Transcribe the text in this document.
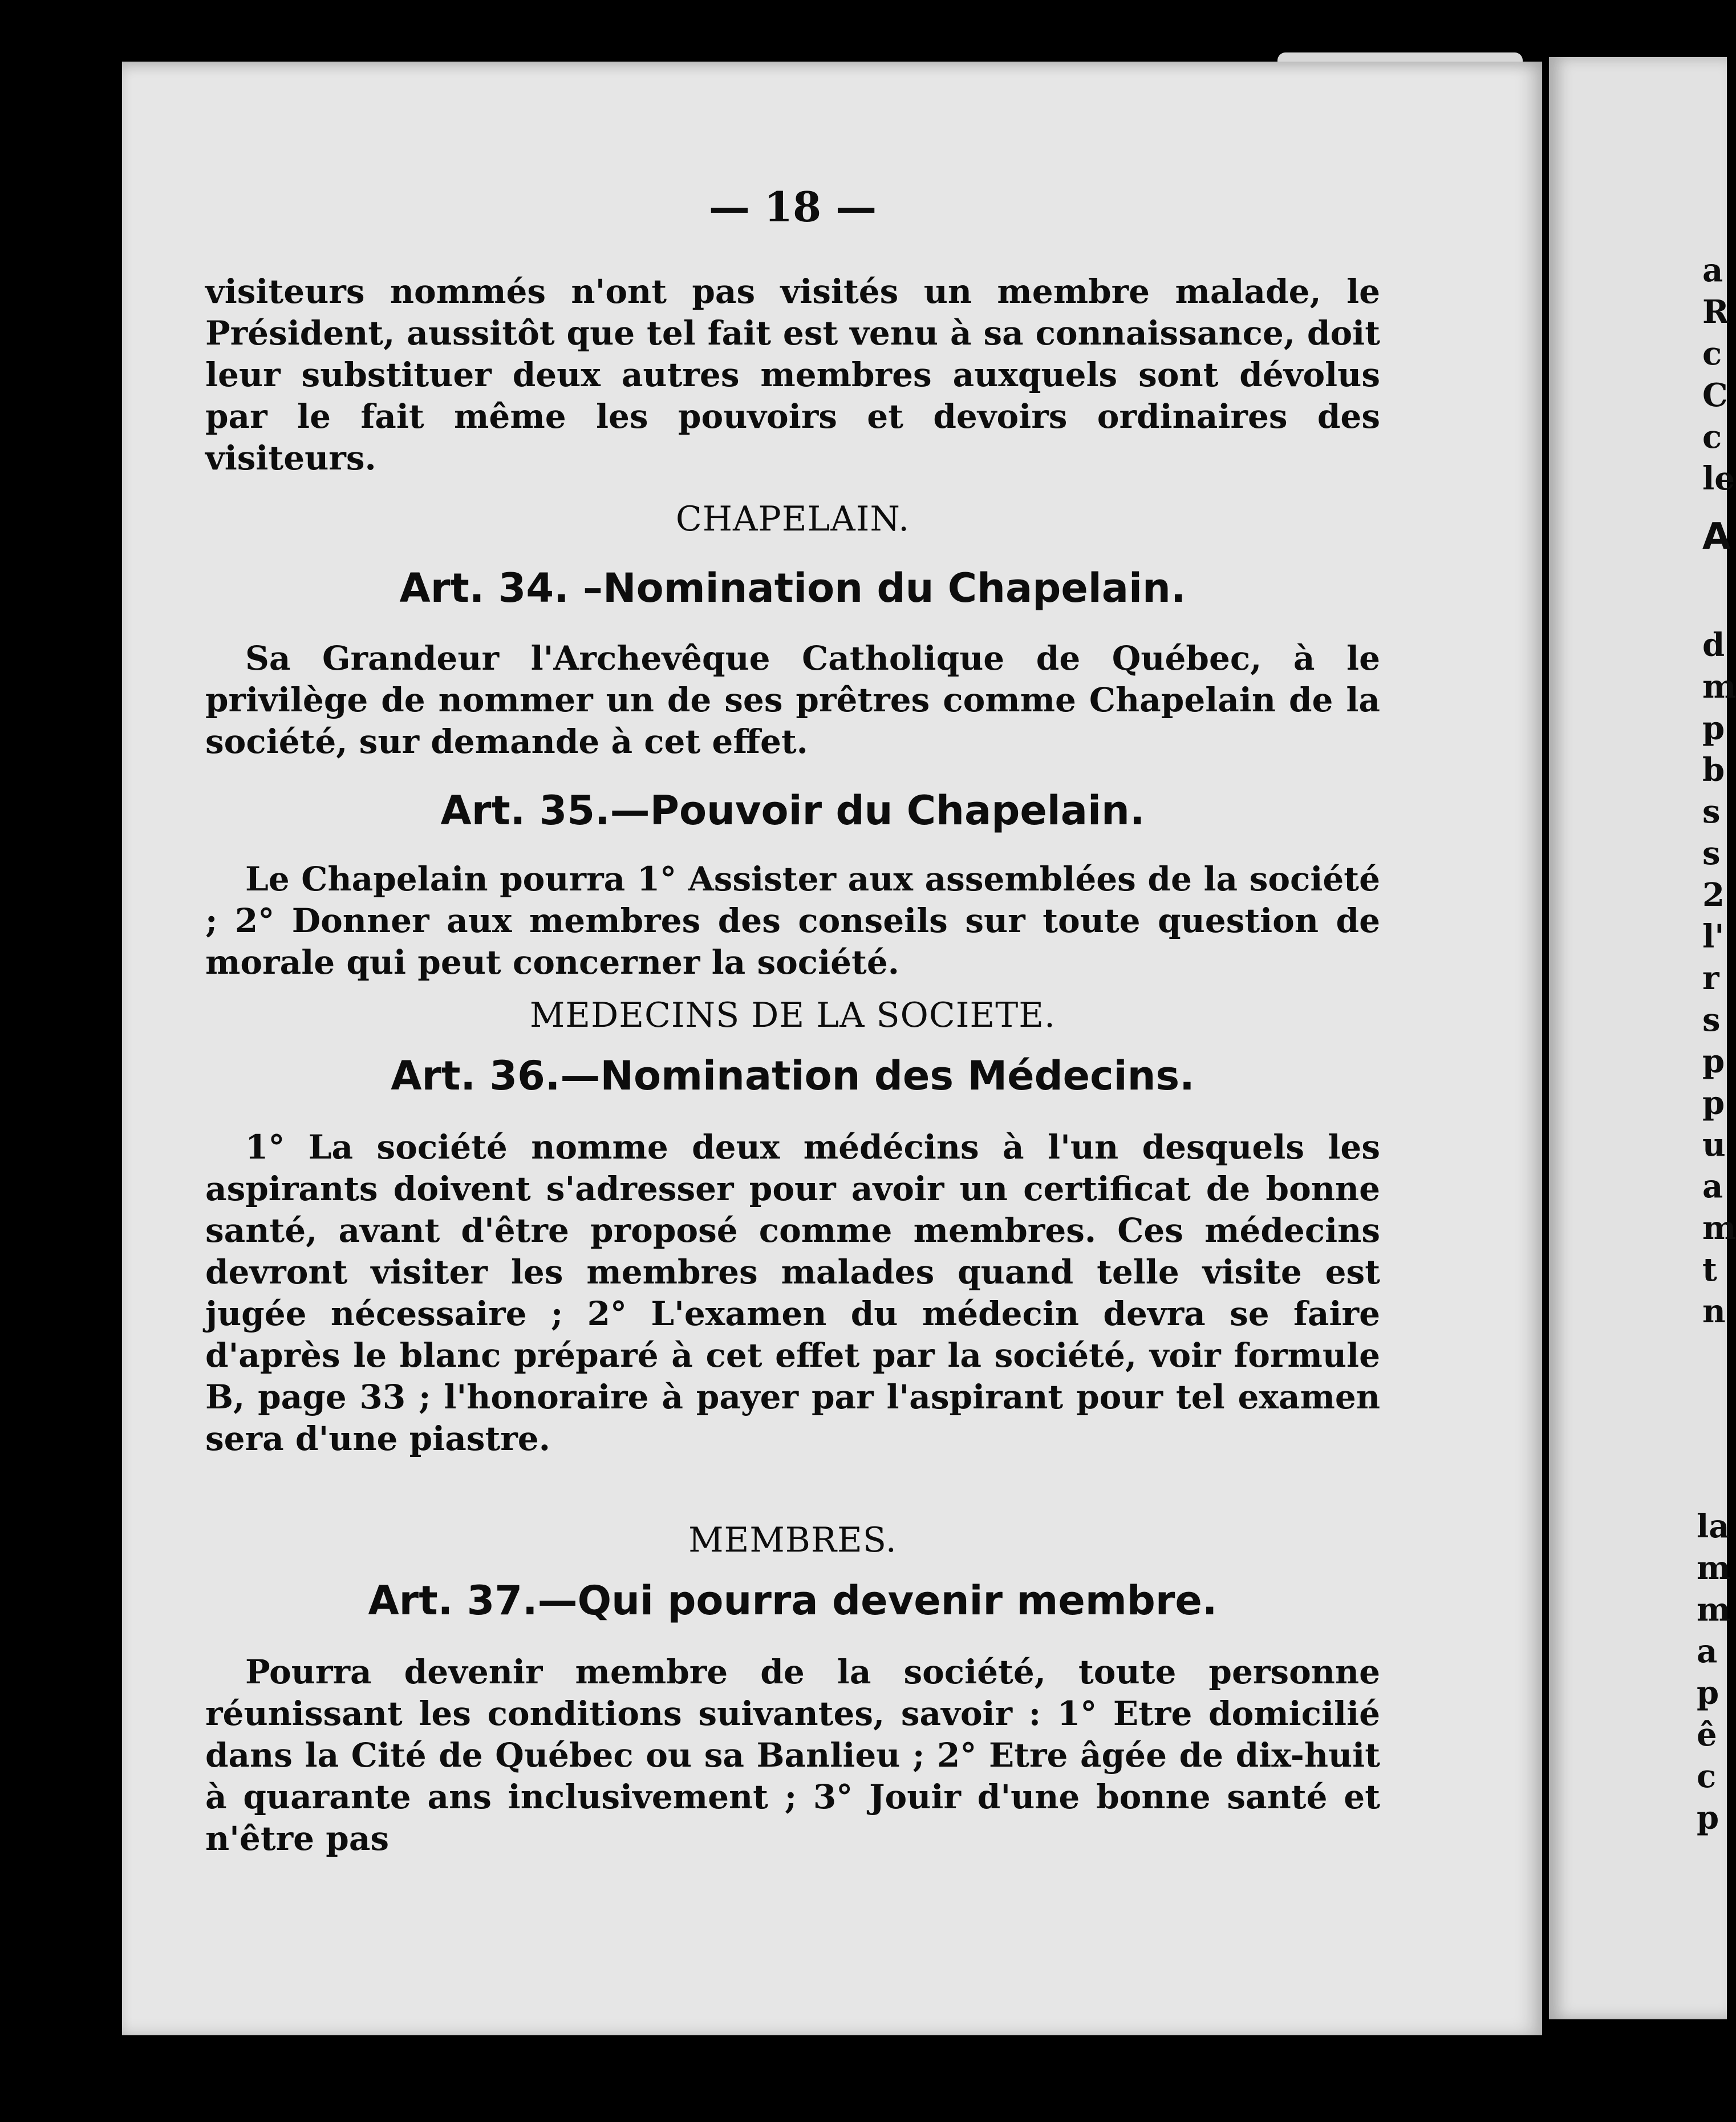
— 18 —

visiteurs nommés n'ont pas visités un membre malade, le Président, aussitôt que tel fait est venu à sa connaissance, doit leur substituer deux autres membres auxquels sont dévolus par le fait même les pouvoirs et devoirs ordinaires des visiteurs.

CHAPELAIN.
Art. 34. –Nomination du Chapelain.

Sa Grandeur l'Archevêque Catholique de Québec, à le privilège de nommer un de ses prêtres comme Chapelain de la société, sur demande à cet effet.

Art. 35.—Pouvoir du Chapelain.

Le Chapelain pourra 1° Assister aux assemblées de la société ; 2° Donner aux membres des conseils sur toute question de morale qui peut concerner la société.

MEDECINS DE LA SOCIETE.
Art. 36.—Nomination des Médecins.

1° La société nomme deux médécins à l'un desquels les aspirants doivent s'adresser pour avoir un certificat de bonne santé, avant d'être proposé comme membres. Ces médecins devront visiter les membres malades quand telle visite est jugée nécessaire ; 2° L'examen du médecin devra se faire d'après le blanc préparé à cet effet par la société, voir formule B, page 33 ; l'honoraire à payer par l'aspirant pour tel examen sera d'une piastre.

MEMBRES.
Art. 37.—Qui pourra devenir membre.

Pourra devenir membre de la société, toute personne réunissant les conditions suivantes, savoir : 1° Etre domicilié dans la Cité de Québec ou sa Banlieu ; 2° Etre âgée de dix-huit à quarante ans inclusivement ; 3° Jouir d'une bonne santé et n'être pas

a
R
c
C
c
le
A
d
m
p
b
s
s
2
l'
r
s
p
p
u
a
m
t
n
la
m
m
a
p
ê
c
p
